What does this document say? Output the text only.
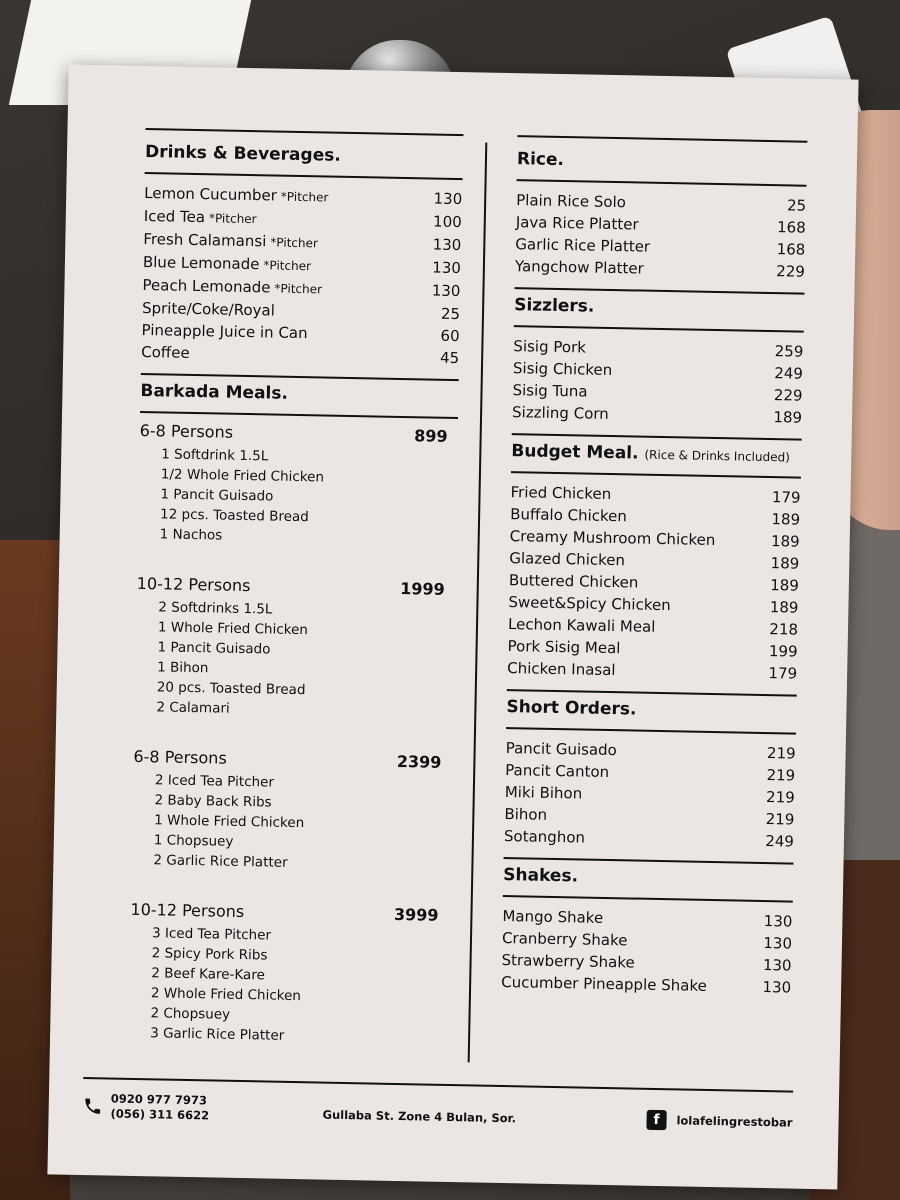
Drinks & Beverages.
Lemon Cucumber *Pitcher	130
Iced Tea *Pitcher	100
Fresh Calamansi *Pitcher	130
Blue Lemonade *Pitcher	130
Peach Lemonade *Pitcher	130
Sprite/Coke/Royal	25
Pineapple Juice in Can	60
Coffee	45
Barkada Meals.
6-8 Persons	899
1 Softdrink 1.5L
1/2 Whole Fried Chicken
1 Pancit Guisado
12 pcs. Toasted Bread
1 Nachos
10-12 Persons	1999
2 Softdrinks 1.5L
1 Whole Fried Chicken
1 Pancit Guisado
1 Bihon
20 pcs. Toasted Bread
2 Calamari
6-8 Persons	2399
2 Iced Tea Pitcher
2 Baby Back Ribs
1 Whole Fried Chicken
1 Chopsuey
2 Garlic Rice Platter
10-12 Persons	3999
3 Iced Tea Pitcher
2 Spicy Pork Ribs
2 Beef Kare-Kare
2 Whole Fried Chicken
2 Chopsuey
3 Garlic Rice Platter
Rice.
Plain Rice Solo	25
Java Rice Platter	168
Garlic Rice Platter	168
Yangchow Platter	229
Sizzlers.
Sisig Pork	259
Sisig Chicken	249
Sisig Tuna	229
Sizzling Corn	189
Budget Meal. (Rice & Drinks Included)
Fried Chicken	179
Buffalo Chicken	189
Creamy Mushroom Chicken	189
Glazed Chicken	189
Buttered Chicken	189
Sweet&Spicy Chicken	189
Lechon Kawali Meal	218
Pork Sisig Meal	199
Chicken Inasal	179
Short Orders.
Pancit Guisado	219
Pancit Canton	219
Miki Bihon	219
Bihon	219
Sotanghon	249
Shakes.
Mango Shake	130
Cranberry Shake	130
Strawberry Shake	130
Cucumber Pineapple Shake	130
0920 977 7973
(056) 311 6622	Gullaba St. Zone 4 Bulan, Sor.	f	lolafelingrestobar
